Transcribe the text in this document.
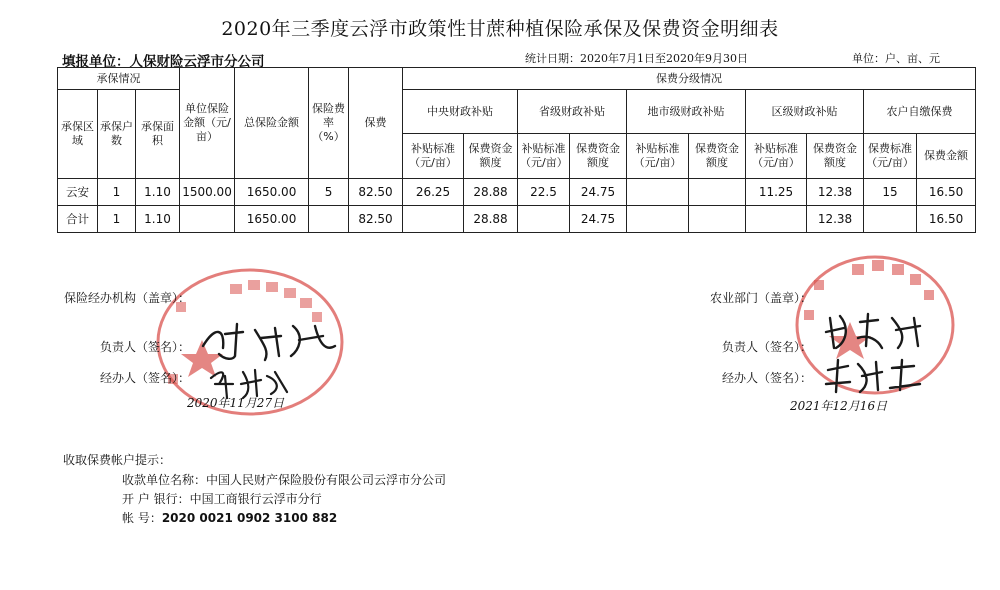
2020年三季度云浮市政策性甘蔗种植保险承保及保费资金明细表
填报单位：人保财险云浮市分公司	统计日期：2020年7月1日至2020年9月30日	单位：户、亩、元
承保情况			单位保险金额（元/亩）	总保险金额	保险费率（%）	保费	保费分级情况									
承保区域	承保户数	承保面积					中央财政补贴		省级财政补贴		地市级财政补贴		区级财政补贴		农户自缴保费	
							补贴标准（元/亩）	保费资金额度	补贴标准（元/亩）	保费资金额度	补贴标准（元/亩）	保费资金额度	补贴标准（元/亩）	保费资金额度	保费标准（元/亩）	保费金额
云安	1	1.10	1500.00	1650.00	5	82.50	26.25	28.88	22.5	24.75			11.25	12.38	15	16.50
合计	1	1.10		1650.00		82.50		28.88		24.75				12.38		16.50
保险经办机构（盖章）：
负责人（签名）：
经办人（签名）：
2020年11月27日
农业部门（盖章）：
负责人（签名）：
经办人（签名）：
2021年12月16日
收取保费帐户提示：
收款单位名称：中国人民财产保险股份有限公司云浮市分公司
开 户 银行：中国工商银行云浮市分行
帐 号：2020 0021 0902 3100 882
